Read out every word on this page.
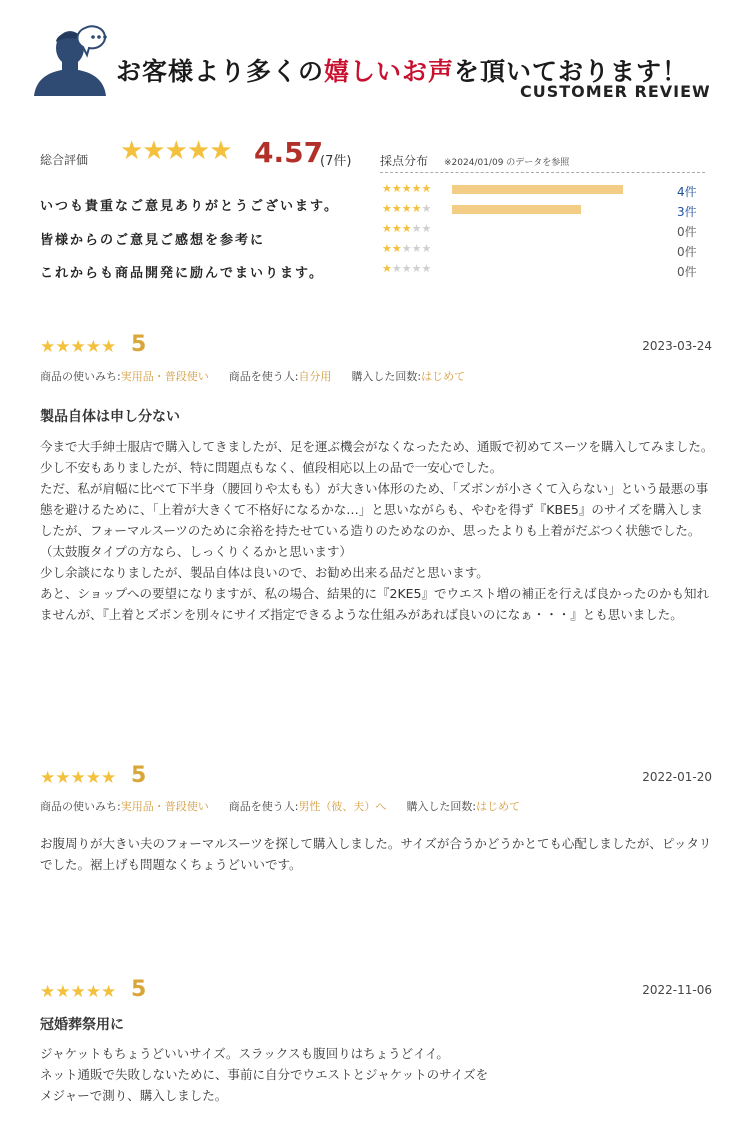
お客様より多くの嬉しいお声を頂いております！
CUSTOMER REVIEW
総合評価 ★★★★★ 4.57
(7件)
いつも貴重なご意見ありがとうございます。
皆様からのご意見ご感想を参考に
これからも商品開発に励んでまいります。
採点分布 ※2024/01/09 のデータを参照
★★★★★	4件
★★★★★	3件
★★★★★	0件
★★★★★	0件
★★★★★	0件
★★★★★ 5	2023-03-24
商品の使いみち:実用品・普段使い 商品を使う人:自分用 購入した回数:はじめて
製品自体は申し分ない

今まで大手紳士服店で購入してきましたが、足を運ぶ機会がなくなったため、通販で初めてスーツを購入してみました。

少し不安もありましたが、特に問題点もなく、値段相応以上の品で一安心でした。

ただ、私が肩幅に比べて下半身（腰回りや太もも）が大きい体形のため、「ズボンが小さくて入らない」という最悪の事態を避けるために、「上着が大きくて不格好になるかな…」と思いながらも、やむを得ず『KBE5』のサイズを購入しましたが、フォーマルスーツのために余裕を持たせている造りのためなのか、思ったよりも上着がだぶつく状態でした。（太鼓腹タイプの方なら、しっくりくるかと思います）

少し余談になりましたが、製品自体は良いので、お勧め出来る品だと思います。

あと、ショップへの要望になりますが、私の場合、結果的に『2KE5』でウエスト増の補正を行えば良かったのかも知れませんが、『上着とズボンを別々にサイズ指定できるような仕組みがあれば良いのになぁ・・・』とも思いました。

★★★★★ 5	2022-01-20
商品の使いみち:実用品・普段使い 商品を使う人:男性（彼、夫）へ 購入した回数:はじめて

お腹周りが大きい夫のフォーマルスーツを探して購入しました。サイズが合うかどうかとても心配しましたが、ピッタリでした。裾上げも問題なくちょうどいいです。

★★★★★ 5	2022-11-06
冠婚葬祭用に

ジャケットもちょうどいいサイズ。スラックスも腹回りはちょうどイイ。

ネット通販で失敗しないために、事前に自分でウエストとジャケットのサイズを

メジャーで測り、購入しました。
